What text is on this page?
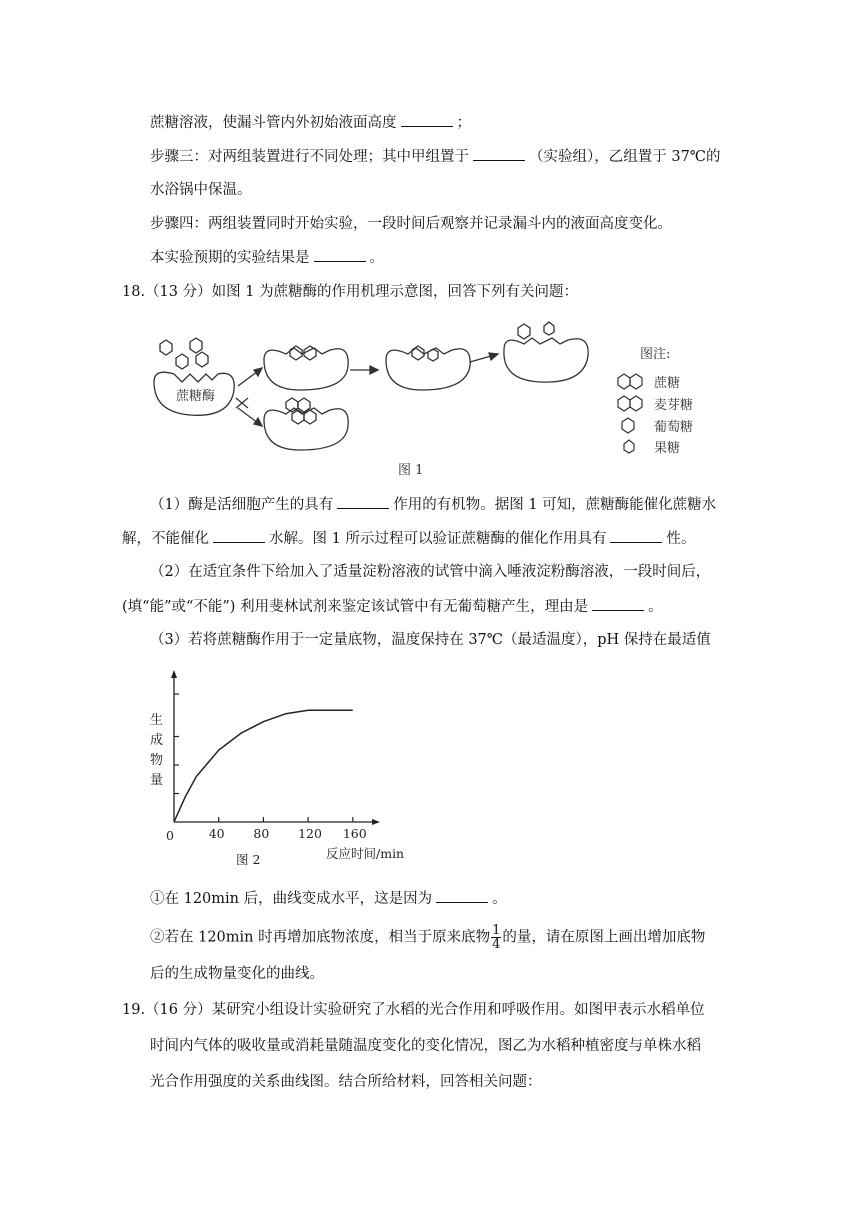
蔗糖溶液，使漏斗管内外初始液面高度	；
步骤三：对两组装置进行不同处理；其中甲组置于	（实验组），乙组置于 37℃的
水浴锅中保温。
步骤四：两组装置同时开始实验，一段时间后观察并记录漏斗内的液面高度变化。
本实验预期的实验结果是	。
18.（13 分）如图 1 为蔗糖酶的作用机理示意图，回答下列有关问题：
蔗糖酶
图注:
蔗糖
麦芽糖
葡萄糖
果糖
图 1
（1）酶是活细胞产生的具有	作用的有机物。据图 1 可知，蔗糖酶能催化蔗糖水
解，不能催化	水解。图 1 所示过程可以验证蔗糖酶的催化作用具有	性。
（2）在适宜条件下给加入了适量淀粉溶液的试管中滴入唾液淀粉酶溶液，一段时间后，
(填“能”或“不能”) 利用斐林试剂来鉴定该试管中有无葡萄糖产生，理由是	。
（3）若将蔗糖酶作用于一定量底物，温度保持在 37℃（最适温度），pH 保持在最适值
40 80 120 160
0
生
成
物
量
反应时间/min
图 2
①在 120min 后，曲线变成水平，这是因为	。
②若在 120min 时再增加底物浓度，相当于原来底物 $\frac{1}{4}$ 的量，请在原图上画出增加底物
后的生成物量变化的曲线。
19.（16 分）某研究小组设计实验研究了水稻的光合作用和呼吸作用。如图甲表示水稻单位
时间内气体的吸收量或消耗量随温度变化的变化情况，图乙为水稻种植密度与单株水稻
光合作用强度的关系曲线图。结合所给材料，回答相关问题：
